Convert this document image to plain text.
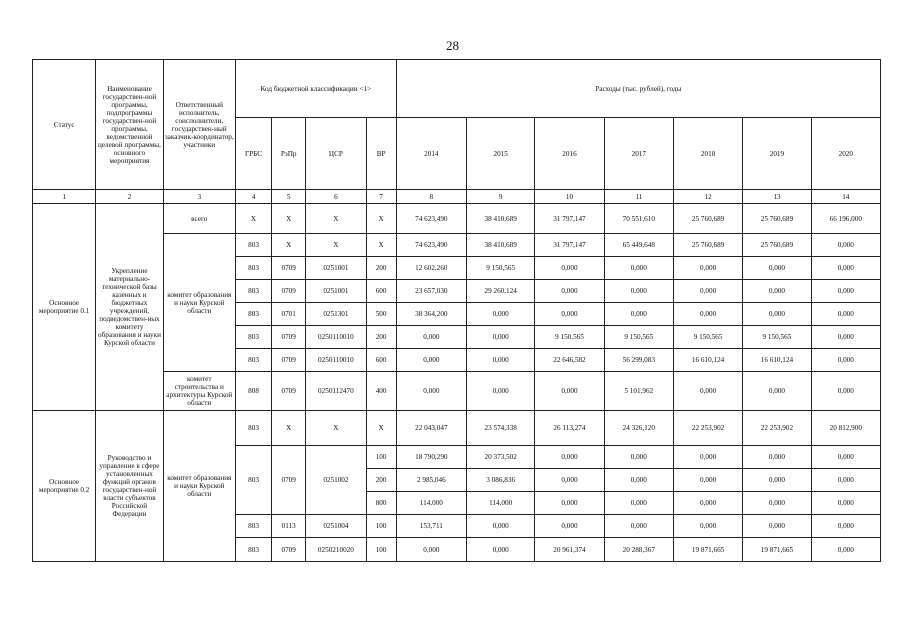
28
Статус	Наименование государствен-ной программы, подпрограммы государствен-ной программы, ведомственной целевой программы, основного мероприятия	Ответственный исполнитель, соисполнители, государствен-ный заказчик-координатор, участники	Код бюджетной классификации <1>				Расходы (тыс. рублей), годы						
			ГРБС	РзПр	ЦСР	ВР	2014	2015	2016	2017	2018	2019	2020
1	2	3	4	5	6	7	8	9	10	11	12	13	14
Основное мероприятие 0.1	Укрепление материально-технической базы казенных и бюджетных учреждений, подведомствен-ных комитету образования и науки Курской области	всего	X	X	X	X	74 623,490	38 410,689	31 797,147	70 551,610	25 760,689	25 760,689	66 196,000
		комитет образования и науки Курской области	803	X	X	X	74 623,490	38 410,689	31 797,147	65 449,648	25 760,689	25 760,689	0,000
			803	0709	0251001	200	12 602,260	9 150,565	0,000	0,000	0,000	0,000	0,000
			803	0709	0251001	600	23 657,030	29 260,124	0,000	0,000	0,000	0,000	0,000
			803	0701	0251301	500	38 364,200	0,000	0,000	0,000	0,000	0,000	0,000
			803	0709	0250110010	200	0,000	0,000	9 150,565	9 150,565	9 150,565	9 150,565	0,000
			803	0709	0250110010	600	0,000	0,000	22 646,582	56 299,083	16 610,124	16 610,124	0,000
		комитет строительства и архитектуры Курской области	808	0709	0250112470	400	0,000	0,000	0,000	5 101,962	0,000	0,000	0,000
Основное мероприятие 0.2	Руководство и управление в сфере установленных функций органов государствен-ной власти субъектов Российской Федерации	комитет образования и науки Курской области	803	X	X	X	22 043,047	23 574,338	26 113,274	24 326,120	22 253,902	22 253,902	20 812,900
			803	0709	0251002	100	18 790,290	20 373,502	0,000	0,000	0,000	0,000	0,000
						200	2 985,046	3 086,836	0,000	0,000	0,000	0,000	0,000
						800	114,000	114,000	0,000	0,000	0,000	0,000	0,000
			803	0113	0251004	100	153,711	0,000	0,000	0,000	0,000	0,000	0,000
			803	0709	0250210020	100	0,000	0,000	20 961,374	20 288,367	19 871,665	19 871,665	0,000
